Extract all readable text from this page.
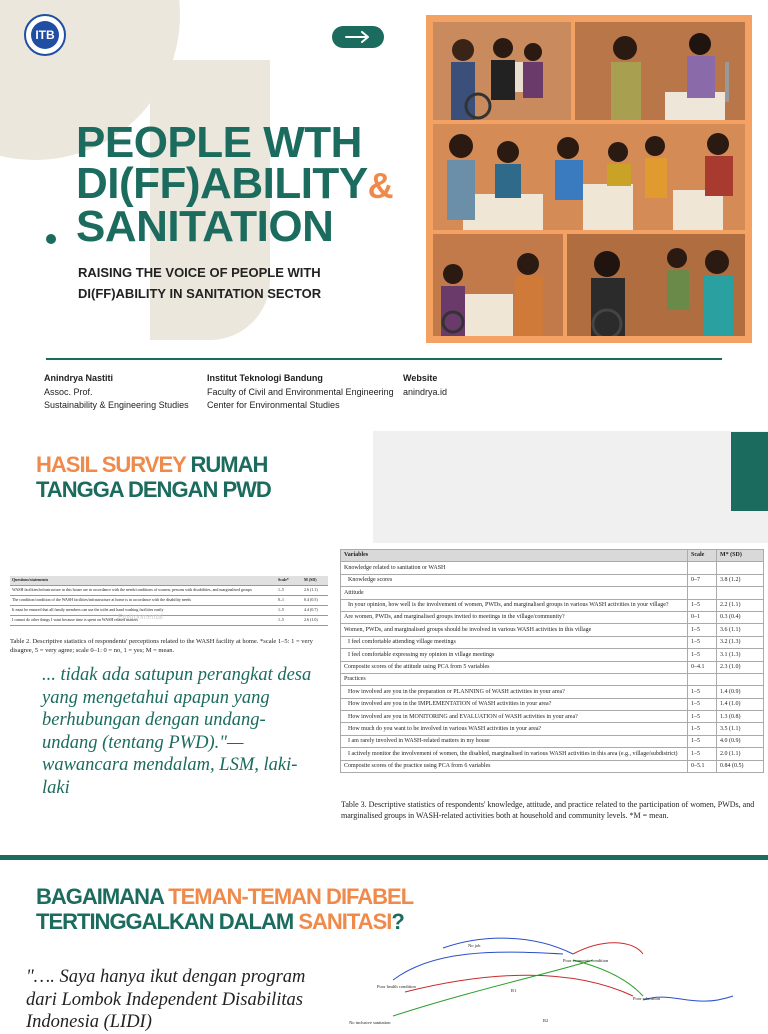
ITB
PEOPLE WTH
DI(FF)ABILITY&
SANITATION
RAISING THE VOICE OF PEOPLE WITH
DI(FF)ABILITY IN SANITATION SECTOR
Anindrya Nastiti
Assoc. Prof.
Sustainability & Engineering Studies
Institut Teknologi Bandung
Faculty of Civil and Environmental Engineering
Center for Environmental Studies
Website
anindrya.id
HASIL SURVEY RUMAH
TANGGA DENGAN PWD
Questions/statements	Scale*	M (SD)
WASH facilities/infrastructure in this house are in accordance with the needs/conditions of women, persons with disabilities, and marginalised groups	1–5	2.6 (1.1)
The condition/condition of the WASH facilities/infrastructure at home is in accordance with the disability needs	0–1	0.4 (0.5)
It must be ensured that all family members can use the toilet and hand washing facilities easily	1–5	4.4 (0.7)
I cannot do other things I want because time is spent on WASH related matters	1–5	2.6 (1.0)
Environmental
Table 2. Descriptive statistics of respondents' perceptions related to the WASH facility at home. *scale 1–5: 1 = very disagree, 5 = very agree; scale 0–1: 0 = no, 1 = yes; M = mean.
... tidak ada satupun perangkat desa yang mengetahui apapun yang berhubungan dengan undang-undang (tentang PWD)."—wawancara mendalam, LSM, laki-laki
Variables	Scale	M* (SD)
Knowledge related to sanitation or WASH		
Knowledge scores	0–7	3.8 (1.2)
Attitude		
In your opinion, how well is the involvement of women, PWDs, and marginalised groups in various WASH activities in your village?	1–5	2.2 (1.1)
Are women, PWDs, and marginalised groups invited to meetings in the village/community?	0–1	0.3 (0.4)
Women, PWDs, and marginalised groups should be involved in various WASH activities in this village	1–5	3.6 (1.1)
I feel comfortable attending village meetings	1–5	3.2 (1.3)
I feel comfortable expressing my opinion in village meetings	1–5	3.1 (1.3)
Composite scores of the attitude using PCA from 5 variables	0–4.1	2.3 (1.0)
Practices		
How involved are you in the preparation or PLANNING of WASH activities in your area?	1–5	1.4 (0.9)
How involved are you in the IMPLEMENTATION of WASH activities in your area?	1–5	1.4 (1.0)
How involved are you in MONITORING and EVALUATION of WASH activities in your area?	1–5	1.3 (0.8)
How much do you want to be involved in various WASH activities in your area?	1–5	3.5 (1.1)
I am rarely involved in WASH-related matters in my house	1–5	4.0 (0.9)
I actively monitor the involvement of women, the disabled, marginalised in various WASH activities in this area (e.g., village/subdistrict)	1–5	2.0 (1.1)
Composite scores of the practice using PCA from 6 variables	0–5.1	0.84 (0.5)
Table 3. Descriptive statistics of respondents' knowledge, attitude, and practice related to the participation of women, PWDs, and marginalised groups in WASH-related activities both at household and community levels. *M = mean.
BAGAIMANA TEMAN-TEMAN DIFABEL
TERTINGGALKAN DALAM SANITASI?
"…. Saya hanya ikut dengan program dari Lombok Independent Disabilitas Indonesia (LIDI)
No job
Poor economic condition
Poor health condition
Poor education
No inclusive sanitation
R1
R2
